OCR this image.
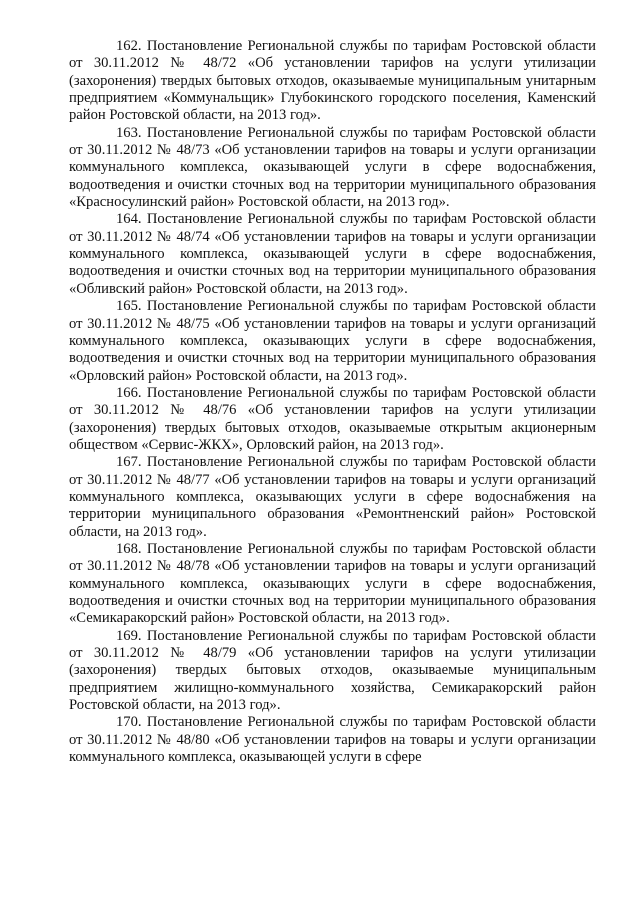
162. Постановление Региональной службы по тарифам Ростовской области от 30.11.2012 № 48/72 «Об установлении тарифов на услуги утилизации (захоронения) твердых бытовых отходов, оказываемые муниципальным унитарным предприятием «Коммунальщик» Глубокинского городского поселения, Каменский район Ростовской области, на 2013 год».

163. Постановление Региональной службы по тарифам Ростовской области от 30.11.2012 № 48/73 «Об установлении тарифов на товары и услуги организации коммунального комплекса, оказывающей услуги в сфере водоснабжения, водоотведения и очистки сточных вод на территории муниципального образования «Красносулинский район» Ростовской области, на 2013 год».

164. Постановление Региональной службы по тарифам Ростовской области от 30.11.2012 № 48/74 «Об установлении тарифов на товары и услуги организации коммунального комплекса, оказывающей услуги в сфере водоснабжения, водоотведения и очистки сточных вод на территории муниципального образования «Обливский район» Ростовской области, на 2013 год».

165. Постановление Региональной службы по тарифам Ростовской области от 30.11.2012 № 48/75 «Об установлении тарифов на товары и услуги организаций коммунального комплекса, оказывающих услуги в сфере водоснабжения, водоотведения и очистки сточных вод на территории муниципального образования «Орловский район» Ростовской области, на 2013 год».

166. Постановление Региональной службы по тарифам Ростовской области от 30.11.2012 № 48/76 «Об установлении тарифов на услуги утилизации (захоронения) твердых бытовых отходов, оказываемые открытым акционерным обществом «Сервис-ЖКХ», Орловский район, на 2013 год».

167. Постановление Региональной службы по тарифам Ростовской области от 30.11.2012 № 48/77 «Об установлении тарифов на товары и услуги организаций коммунального комплекса, оказывающих услуги в сфере водоснабжения на территории муниципального образования «Ремонтненский район» Ростовской области, на 2013 год».

168. Постановление Региональной службы по тарифам Ростовской области от 30.11.2012 № 48/78 «Об установлении тарифов на товары и услуги организаций коммунального комплекса, оказывающих услуги в сфере водоснабжения, водоотведения и очистки сточных вод на территории муниципального образования «Семикаракорский район» Ростовской области, на 2013 год».

169. Постановление Региональной службы по тарифам Ростовской области от 30.11.2012 № 48/79 «Об установлении тарифов на услуги утилизации (захоронения) твердых бытовых отходов, оказываемые муниципальным предприятием жилищно-коммунального хозяйства, Семикаракорский район Ростовской области, на 2013 год».

170. Постановление Региональной службы по тарифам Ростовской области от 30.11.2012 № 48/80 «Об установлении тарифов на товары и услуги организации коммунального комплекса, оказывающей услуги в сфере
